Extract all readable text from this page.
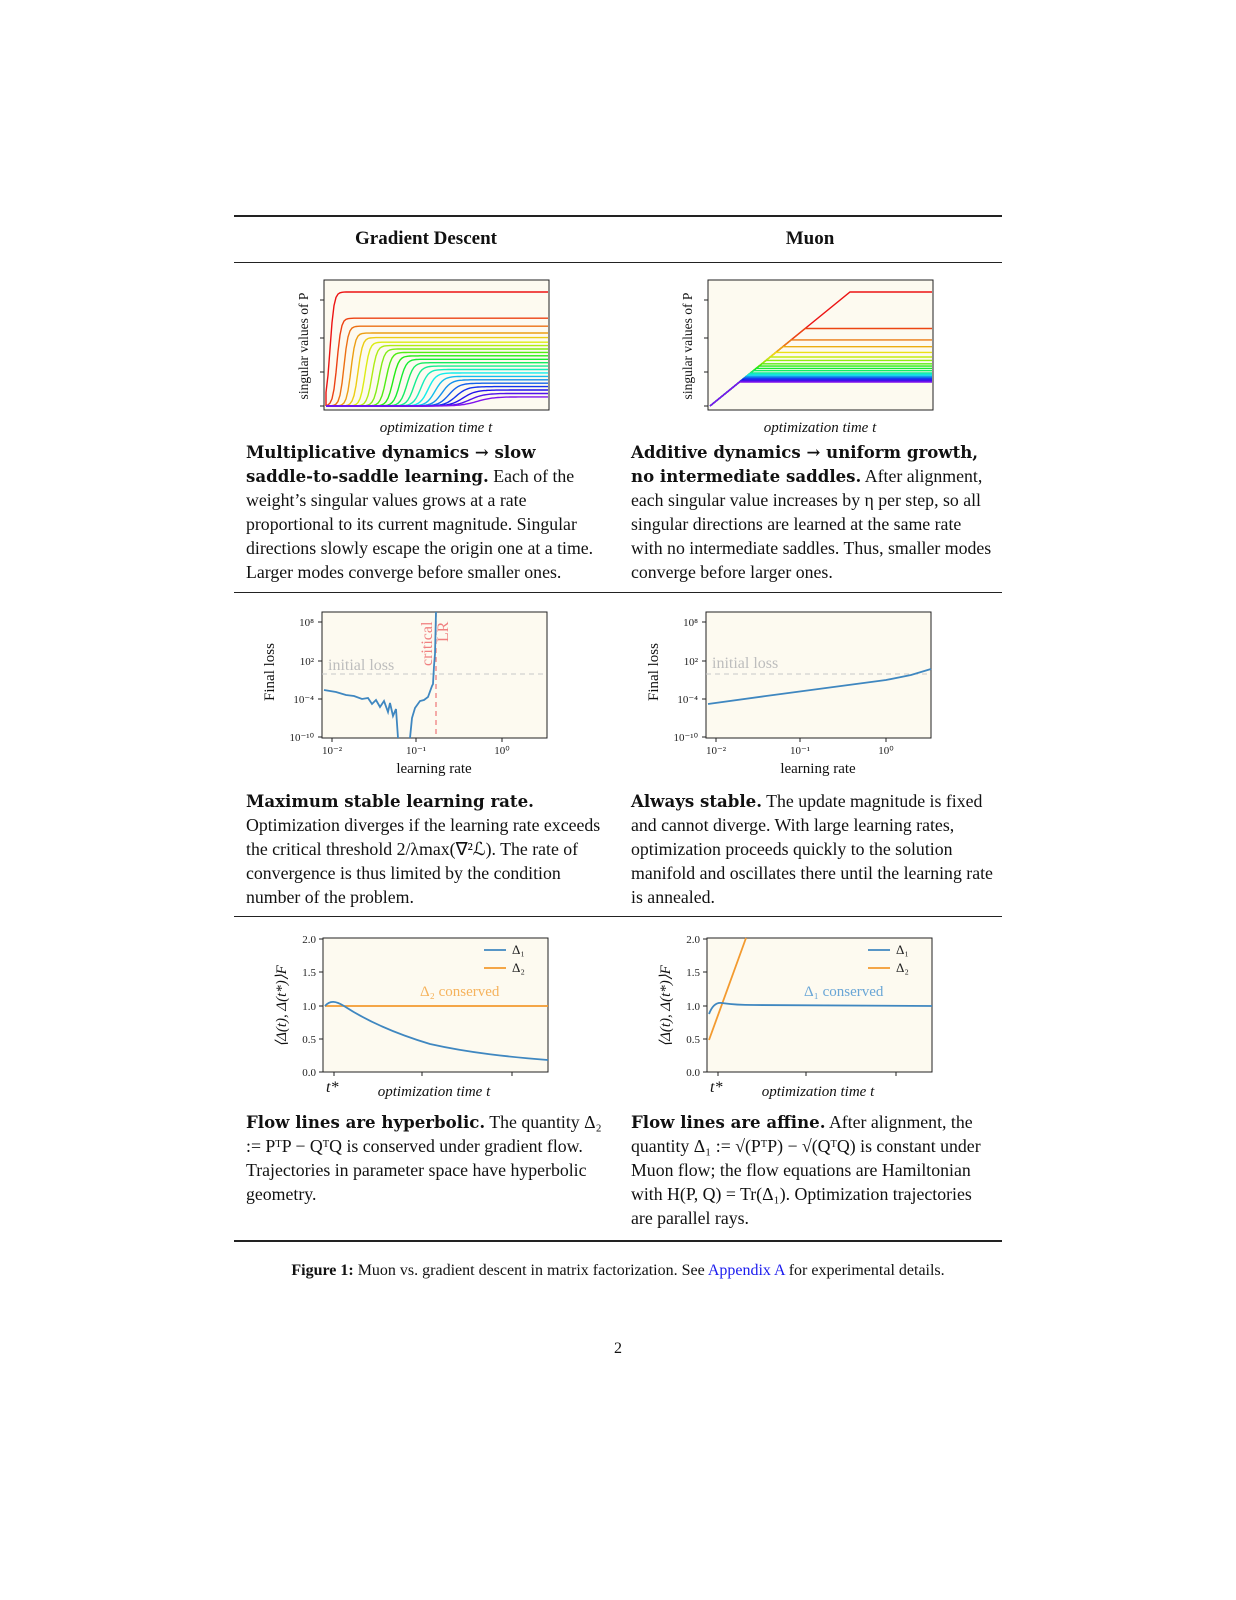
Gradient Descent	Muon
optimization time t
singular values of P
optimization time t
singular values of P
Multiplicative dynamics → slow saddle-to-saddle learning. Each of the weight’s singular values grows at a rate proportional to its current magnitude. Singular directions slowly escape the origin one at a time. Larger modes converge before smaller ones.
Additive dynamics → uniform growth, no intermediate saddles. After alignment, each singular value increases by η per step, so all singular directions are learned at the same rate with no intermediate saddles. Thus, smaller modes converge before larger ones.
10⁸
10²
10⁻⁴
10⁻¹⁰
10⁻²	10⁻¹	10⁰
initial loss critical LR
learning rate
Final loss
10⁸
10²
10⁻⁴
10⁻¹⁰
10⁻²	10⁻¹	10⁰
initial loss
learning rate
Final loss
Maximum stable learning rate. Optimization diverges if the learning rate exceeds the critical threshold 2/λmax(∇²ℒ). The rate of convergence is thus limited by the condition number of the problem.
Always stable. The update magnitude is fixed and cannot diverge. With large learning rates, optimization proceeds quickly to the solution manifold and oscillates there until the learning rate is annealed.
2.0
1.5
1.0
0.5
0.0
Δ₁
Δ₂
Δ₂ conserved
t*	optimization time t
⟨Δ(t), Δ(t*)⟩F
2.0
1.5
1.0
0.5
0.0
Δ₁
Δ₂
Δ₁ conserved
t*	optimization time t
⟨Δ(t), Δ(t*)⟩F
Flow lines are hyperbolic. The quantity Δ₂ := PᵀP − QᵀQ is conserved under gradient flow. Trajectories in parameter space have hyperbolic geometry.
Flow lines are affine. After alignment, the quantity Δ₁ := √(PᵀP) − √(QᵀQ) is constant under Muon flow; the flow equations are Hamiltonian with H(P, Q) = Tr(Δ₁). Optimization trajectories are parallel rays.
Figure 1: Muon vs. gradient descent in matrix factorization. See Appendix A for experimental details.
2
